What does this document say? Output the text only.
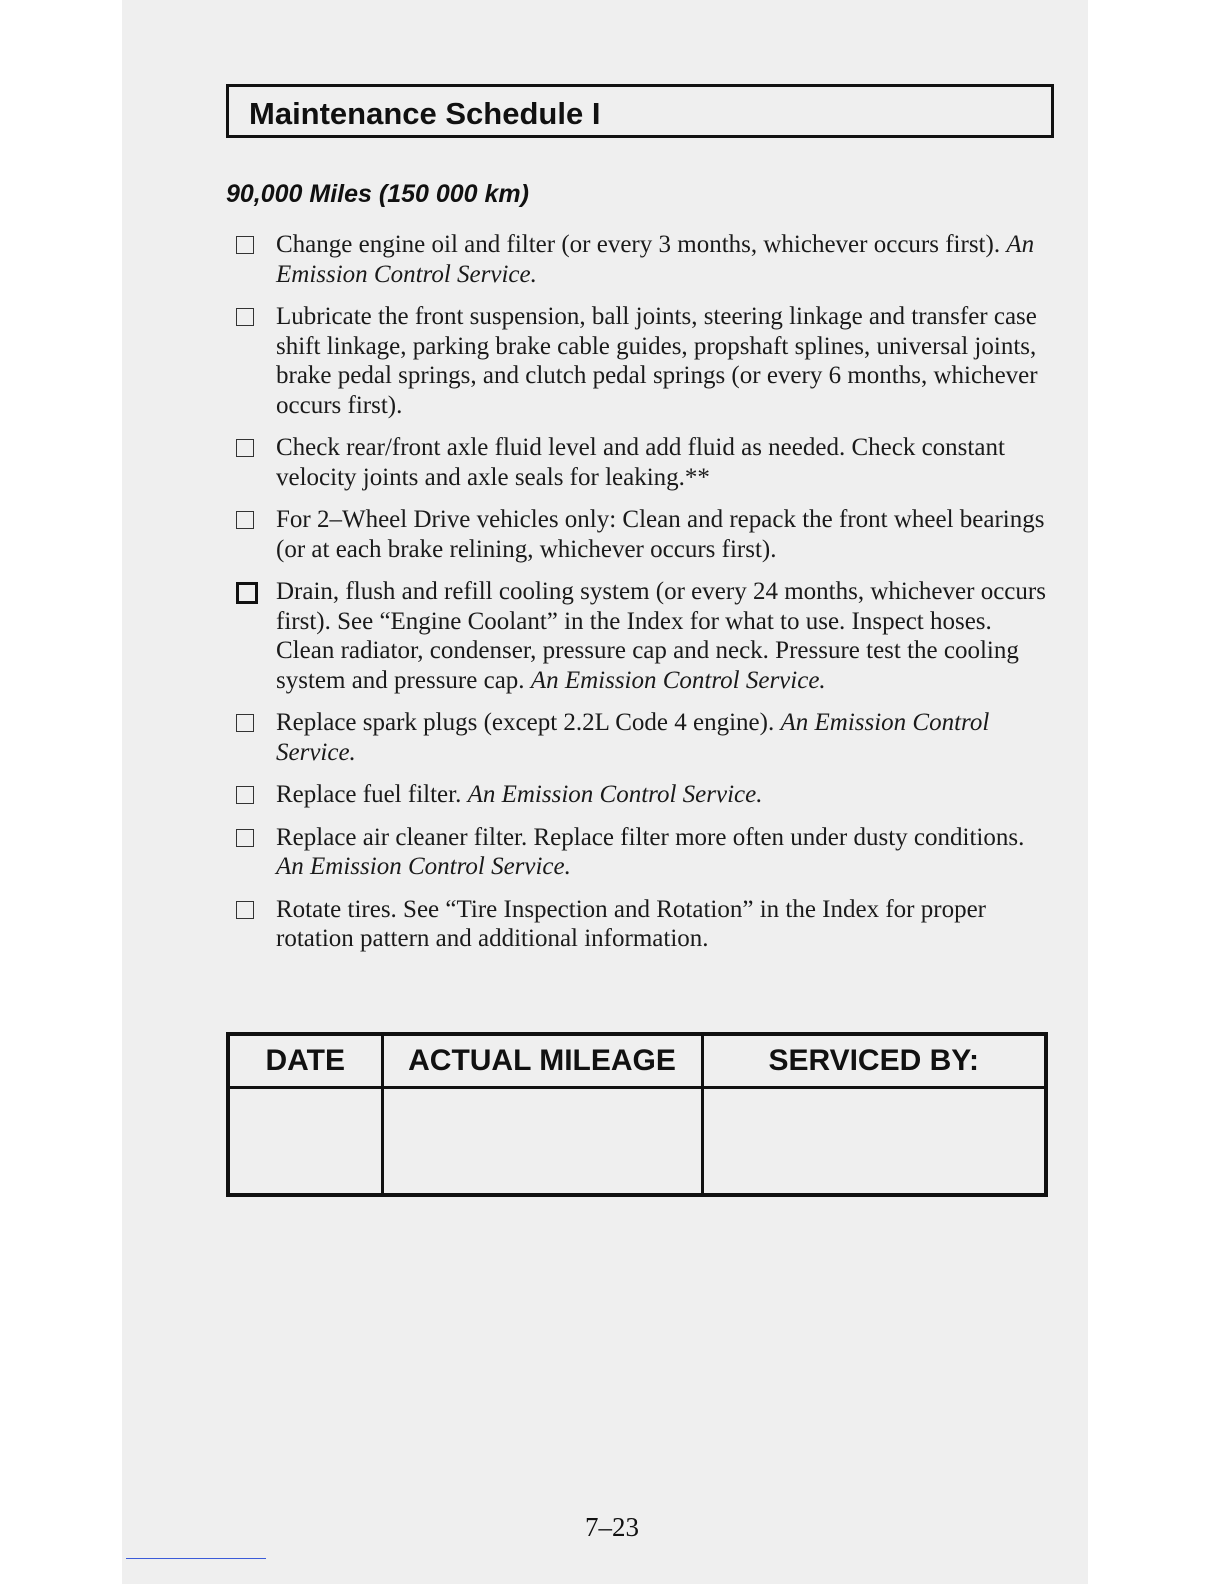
Maintenance Schedule I
90,000 Miles (150 000 km)
Change engine oil and filter (or every 3 months, whichever occurs first). An Emission Control Service.
Lubricate the front suspension, ball joints, steering linkage and transfer case shift linkage, parking brake cable guides, propshaft splines, universal joints, brake pedal springs, and clutch pedal springs (or every 6 months, whichever occurs first).
Check rear/front axle fluid level and add fluid as needed. Check constant velocity joints and axle seals for leaking.**
For 2–Wheel Drive vehicles only: Clean and repack the front wheel bearings (or at each brake relining, whichever occurs first).
Drain, flush and refill cooling system (or every 24 months, whichever occurs first). See “Engine Coolant” in the Index for what to use. Inspect hoses. Clean radiator, condenser, pressure cap and neck. Pressure test the cooling system and pressure cap. An Emission Control Service.
Replace spark plugs (except 2.2L Code 4 engine). An Emission Control Service.
Replace fuel filter. An Emission Control Service.
Replace air cleaner filter. Replace filter more often under dusty conditions. An Emission Control Service.
Rotate tires. See “Tire Inspection and Rotation” in the Index for proper rotation pattern and additional information.
DATE	ACTUAL MILEAGE	SERVICED BY:

7–23
